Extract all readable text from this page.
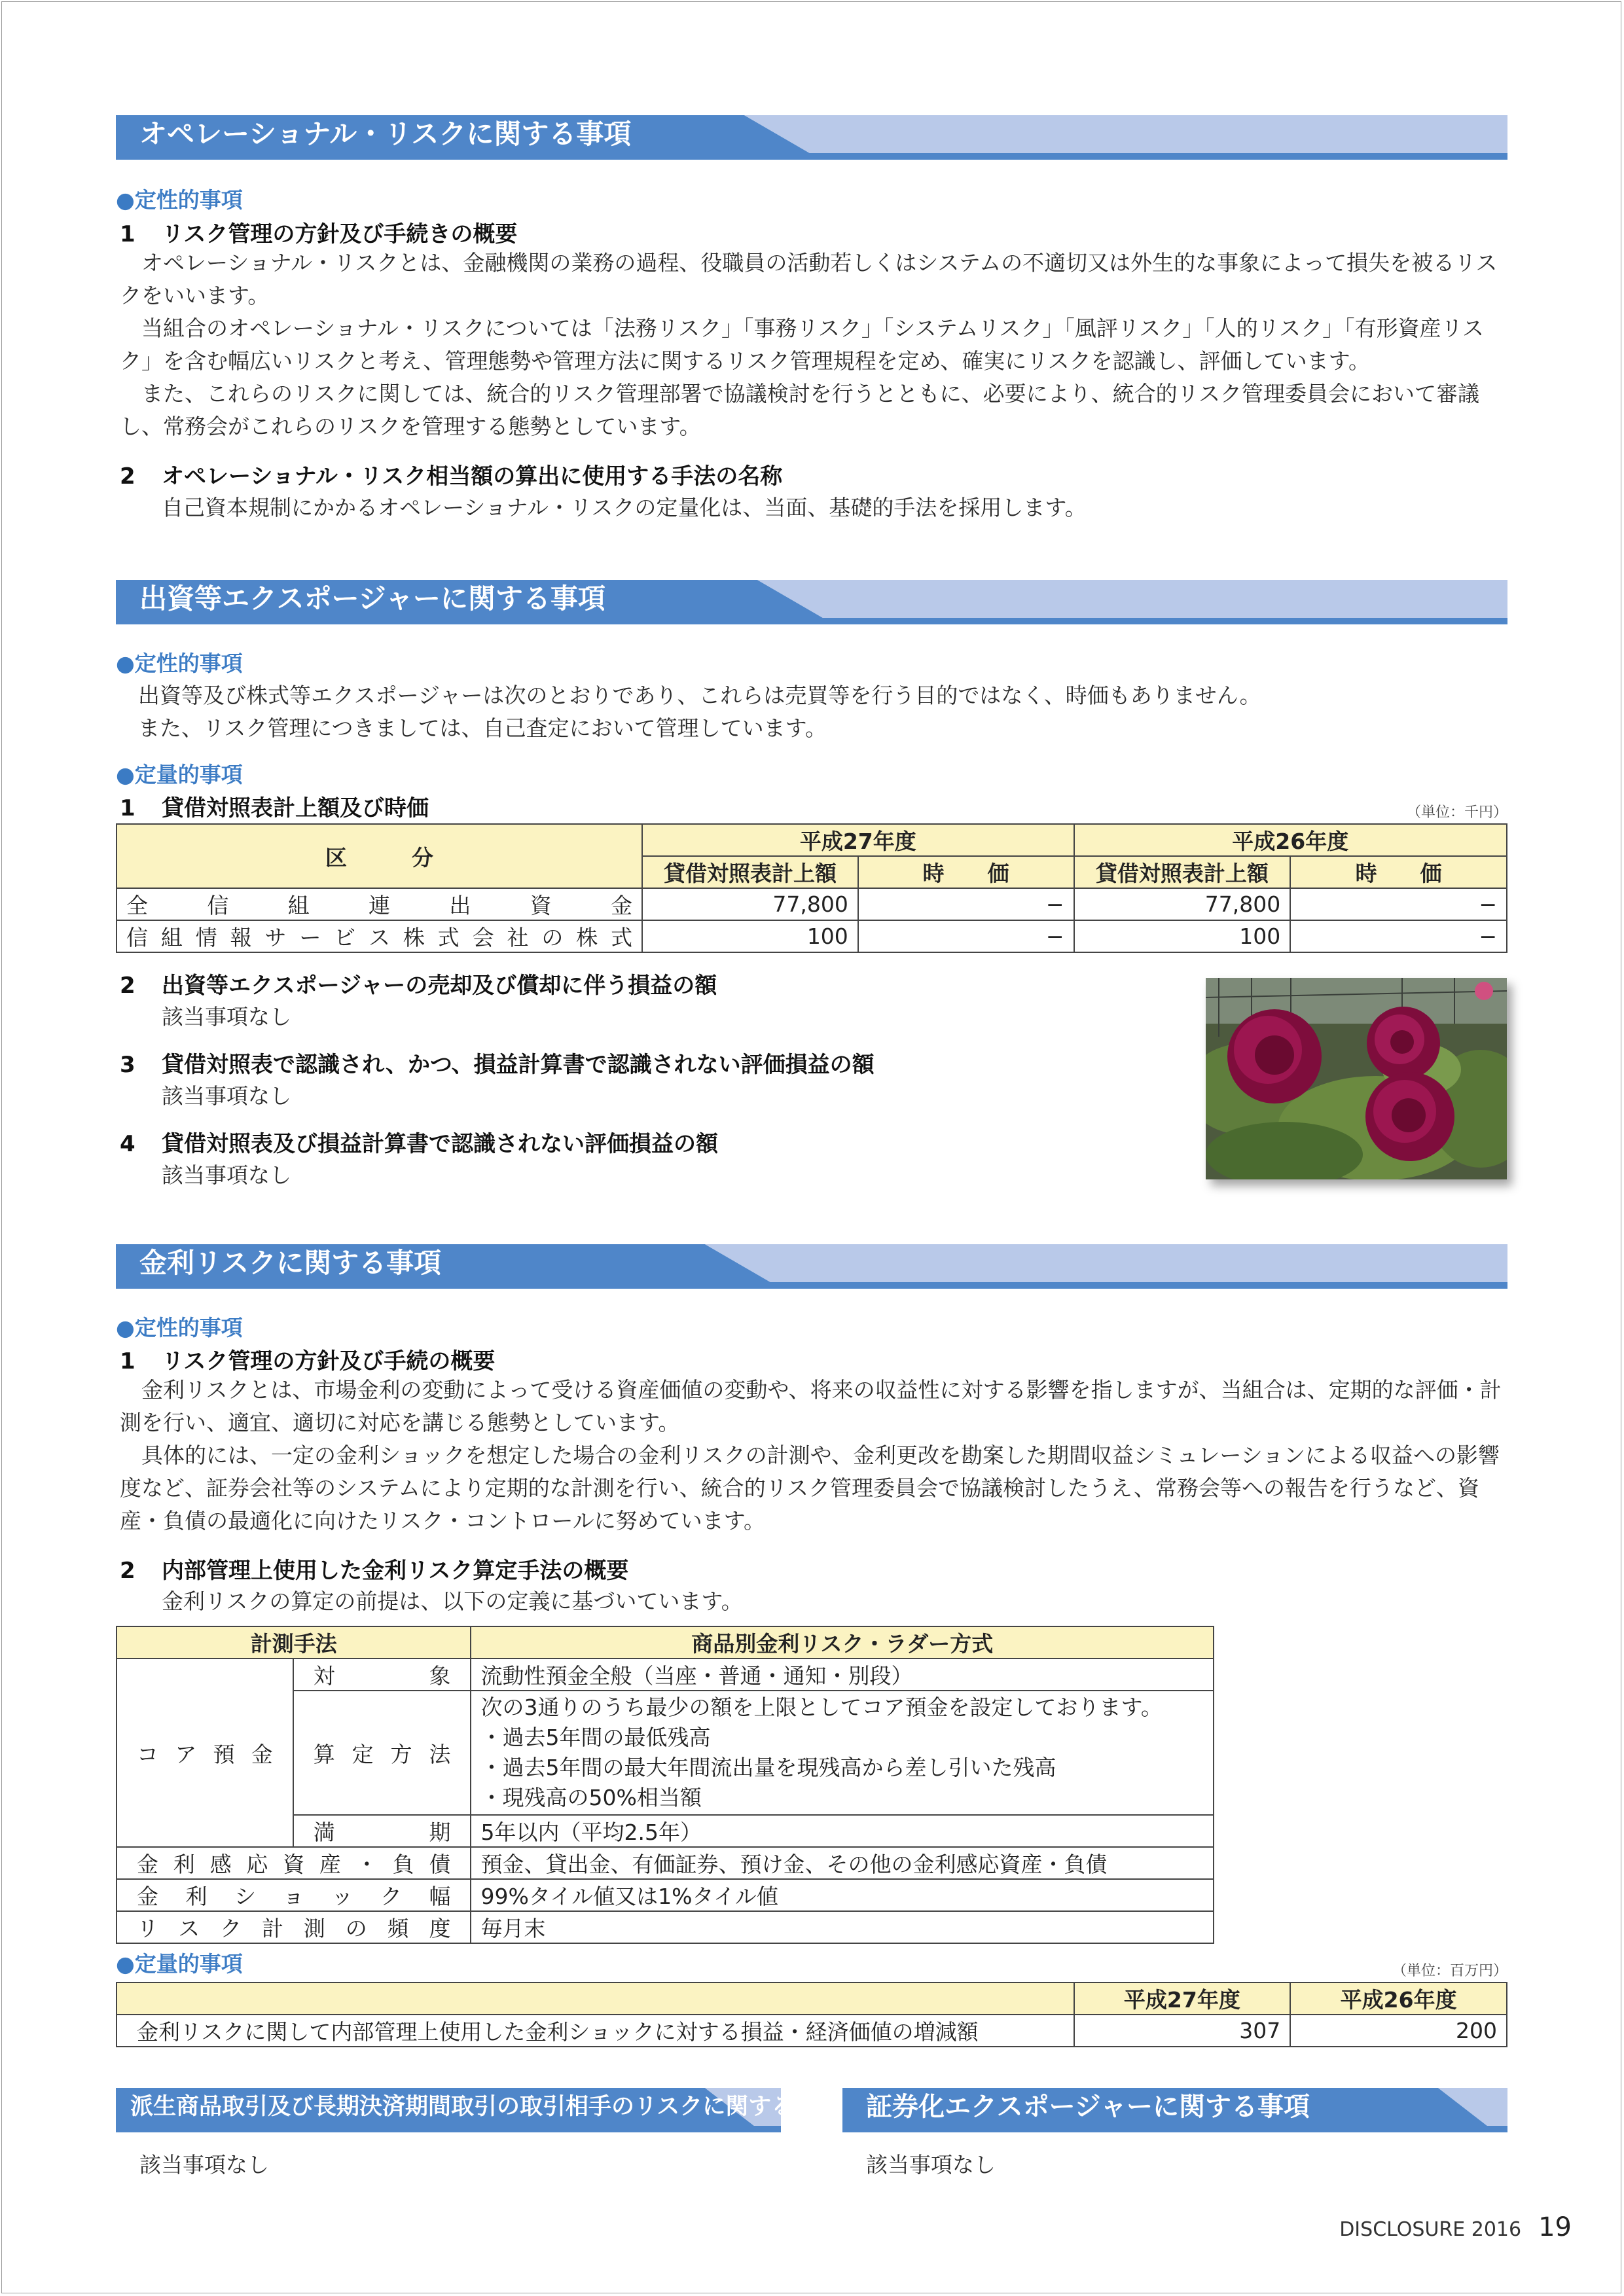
オペレーショナル・リスクに関する事項
●定性的事項
1 リスク管理の方針及び手続きの概要

オペレーショナル・リスクとは、金融機関の業務の過程、役職員の活動若しくはシステムの不適切又は外生的な事象によって損失を被るリスクをいいます。

当組合のオペレーショナル・リスクについては「法務リスク」「事務リスク」「システムリスク」「風評リスク」「人的リスク」「有形資産リスク」を含む幅広いリスクと考え、管理態勢や管理方法に関するリスク管理規程を定め、確実にリスクを認識し、評価しています。

また、これらのリスクに関しては、統合的リスク管理部署で協議検討を行うとともに、必要により、統合的リスク管理委員会において審議し、常務会がこれらのリスクを管理する態勢としています。

2 オペレーショナル・リスク相当額の算出に使用する手法の名称
自己資本規制にかかるオペレーショナル・リスクの定量化は、当面、基礎的手法を採用します。
出資等エクスポージャーに関する事項
●定性的事項
出資等及び株式等エクスポージャーは次のとおりであり、これらは売買等を行う目的ではなく、時価もありません。
また、リスク管理につきましては、自己査定において管理しています。
●定量的事項
1 貸借対照表計上額及び時価	（単位：千円）
区　　　分	平成27年度		平成26年度	
	貸借対照表計上額	時　　価	貸借対照表計上額	時　　価
全信組連出資金	77,800	−	77,800	−
信組情報サービス株式会社の株式	100	−	100	−
2 出資等エクスポージャーの売却及び償却に伴う損益の額
該当事項なし
3 貸借対照表で認識され、かつ、損益計算書で認識されない評価損益の額
該当事項なし
4 貸借対照表及び損益計算書で認識されない評価損益の額
該当事項なし
金利リスクに関する事項
●定性的事項
1 リスク管理の方針及び手続の概要

金利リスクとは、市場金利の変動によって受ける資産価値の変動や、将来の収益性に対する影響を指しますが、当組合は、定期的な評価・計測を行い、適宜、適切に対応を講じる態勢としています。

具体的には、一定の金利ショックを想定した場合の金利リスクの計測や、金利更改を勘案した期間収益シミュレーションによる収益への影響度など、証券会社等のシステムにより定期的な計測を行い、統合的リスク管理委員会で協議検討したうえ、常務会等への報告を行うなど、資産・負債の最適化に向けたリスク・コントロールに努めています。

2 内部管理上使用した金利リスク算定手法の概要
金利リスクの算定の前提は、以下の定義に基づいています。
計測手法		商品別金利リスク・ラダー方式
コア預金	対象	流動性預金全般（当座・普通・通知・別段）
	算定方法	次の3通りのうち最少の額を上限としてコア預金を設定しております。
・過去5年間の最低残高
・過去5年間の最大年間流出量を現残高から差し引いた残高
・現残高の50%相当額

	満期	5年以内（平均2.5年）
金利感応資産・負債		預金、貸出金、有価証券、預け金、その他の金利感応資産・負債
金利ショック幅		99%タイル値又は1%タイル値
リスク計測の頻度		毎月末
●定量的事項	（単位：百万円）
	平成27年度	平成26年度
金利リスクに関して内部管理上使用した金利ショックに対する損益・経済価値の増減額	307	200
派生商品取引及び長期決済期間取引の取引相手のリスクに関する事項
該当事項なし
証券化エクスポージャーに関する事項
該当事項なし
DISCLOSURE 2016 19
